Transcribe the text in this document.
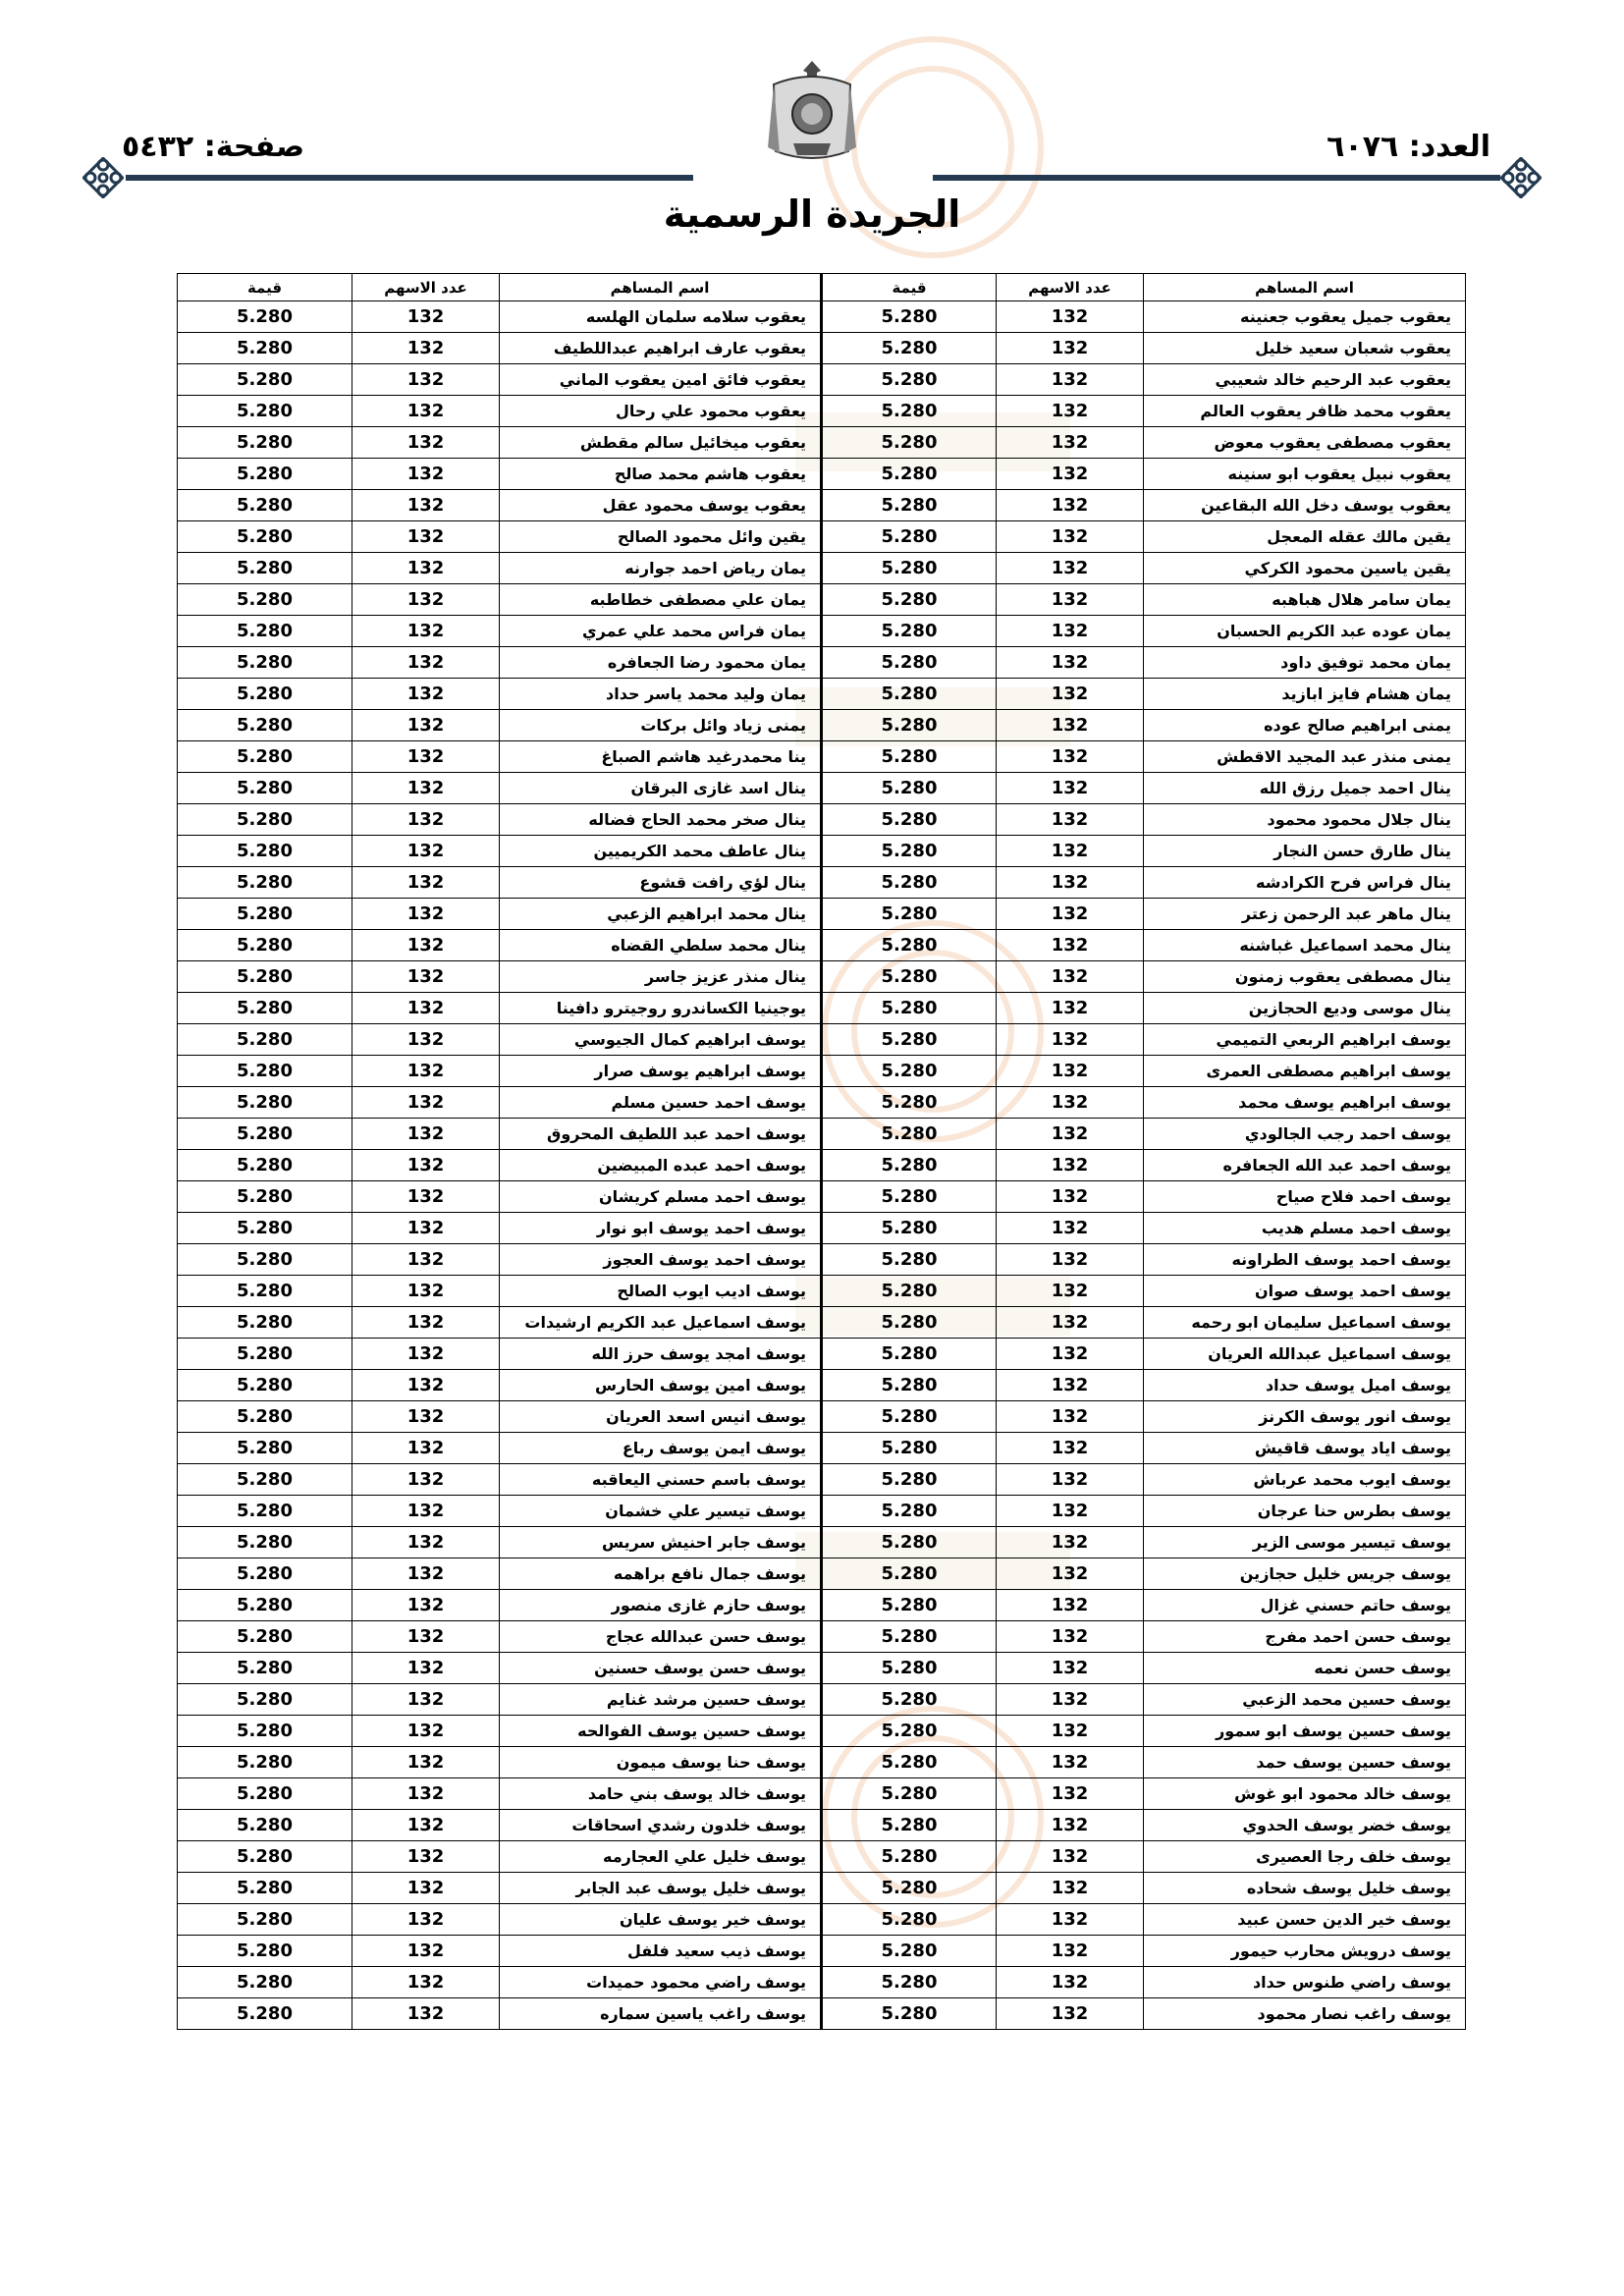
العدد: ٦٠٧٦
صفحة: ٥٤٣٢
الجريدة الرسمية
اسم المساهم	عدد الاسهم	قيمة	اسم المساهم	عدد الاسهم	قيمة
يعقوب جميل يعقوب جعنينه	132	5.280	يعقوب سلامه سلمان الهلسه	132	5.280
يعقوب شعبان سعيد خليل	132	5.280	يعقوب عارف ابراهيم عبداللطيف	132	5.280
يعقوب عبد الرحيم خالد شعيبي	132	5.280	يعقوب فائق امين يعقوب الماني	132	5.280
يعقوب محمد ظافر يعقوب العالم	132	5.280	يعقوب محمود علي رحال	132	5.280
يعقوب مصطفى يعقوب معوض	132	5.280	يعقوب ميخائيل سالم مقطش	132	5.280
يعقوب نبيل يعقوب ابو سنينه	132	5.280	يعقوب هاشم محمد صالح	132	5.280
يعقوب يوسف دخل الله البقاعين	132	5.280	يعقوب يوسف محمود عقل	132	5.280
يقين مالك عقله المعجل	132	5.280	يقين وائل محمود الصالح	132	5.280
يقين ياسين محمود الكركي	132	5.280	يمان رياض احمد جوارنه	132	5.280
يمان سامر هلال هباهبه	132	5.280	يمان علي مصطفى خطاطبه	132	5.280
يمان عوده عبد الكريم الحسبان	132	5.280	يمان فراس محمد علي عمري	132	5.280
يمان محمد توفيق داود	132	5.280	يمان محمود رضا الجعافره	132	5.280
يمان هشام فايز ابازيد	132	5.280	يمان وليد محمد ياسر حداد	132	5.280
يمنى ابراهيم صالح عوده	132	5.280	يمنى زياد وائل بركات	132	5.280
يمنى منذر عبد المجيد الاقطش	132	5.280	ينا محمدرغيد هاشم الصباغ	132	5.280
ينال احمد جميل رزق الله	132	5.280	ينال اسد غازى البرقان	132	5.280
ينال جلال محمود محمود	132	5.280	ينال صخر محمد الحاج فضاله	132	5.280
ينال طارق حسن النجار	132	5.280	ينال عاطف محمد الكريميين	132	5.280
ينال فراس فرح الكرادشه	132	5.280	ينال لؤي رافت قشوع	132	5.280
ينال ماهر عبد الرحمن زعتر	132	5.280	ينال محمد ابراهيم الزعبي	132	5.280
ينال محمد اسماعيل غباشنه	132	5.280	ينال محمد سلطي القضاه	132	5.280
ينال مصطفى يعقوب زمنون	132	5.280	ينال منذر عزيز جاسر	132	5.280
ينال موسى وديع الحجازين	132	5.280	يوجينيا الكساندرو روجيترو دافينا	132	5.280
يوسف ابراهيم الربعي التميمي	132	5.280	يوسف ابراهيم كمال الجيوسي	132	5.280
يوسف ابراهيم مصطفى العمرى	132	5.280	يوسف ابراهيم يوسف صرار	132	5.280
يوسف ابراهيم يوسف محمد	132	5.280	يوسف احمد حسين مسلم	132	5.280
يوسف احمد رجب الجالودي	132	5.280	يوسف احمد عبد اللطيف المحروق	132	5.280
يوسف احمد عبد الله الجعافره	132	5.280	يوسف احمد عبده المبيضين	132	5.280
يوسف احمد فلاح صياح	132	5.280	يوسف احمد مسلم كريشان	132	5.280
يوسف احمد مسلم هديب	132	5.280	يوسف احمد يوسف ابو نوار	132	5.280
يوسف احمد يوسف الطراونه	132	5.280	يوسف احمد يوسف العجوز	132	5.280
يوسف احمد يوسف صوان	132	5.280	يوسف اديب ايوب الصالح	132	5.280
يوسف اسماعيل سليمان ابو رحمه	132	5.280	يوسف اسماعيل عبد الكريم ارشيدات	132	5.280
يوسف اسماعيل عبدالله العريان	132	5.280	يوسف امجد يوسف حرز الله	132	5.280
يوسف اميل يوسف حداد	132	5.280	يوسف امين يوسف الحارس	132	5.280
يوسف انور يوسف الكرنز	132	5.280	يوسف انيس اسعد العريان	132	5.280
يوسف اياد يوسف قاقيش	132	5.280	يوسف ايمن يوسف رباع	132	5.280
يوسف ايوب محمد عرباش	132	5.280	يوسف باسم حسني اليعاقبه	132	5.280
يوسف بطرس حنا عرجان	132	5.280	يوسف تيسير علي خشمان	132	5.280
يوسف تيسير موسى الزير	132	5.280	يوسف جابر احنيش سريس	132	5.280
يوسف جريس خليل حجازين	132	5.280	يوسف جمال نافع براهمه	132	5.280
يوسف حاتم حسني غزال	132	5.280	يوسف حازم غازى منصور	132	5.280
يوسف حسن احمد مفرج	132	5.280	يوسف حسن عبدالله عجاج	132	5.280
يوسف حسن نعمه	132	5.280	يوسف حسن يوسف حسنين	132	5.280
يوسف حسين محمد الزعبي	132	5.280	يوسف حسين مرشد غنايم	132	5.280
يوسف حسين يوسف ابو سمور	132	5.280	يوسف حسين يوسف الفوالحه	132	5.280
يوسف حسين يوسف حمد	132	5.280	يوسف حنا يوسف ميمون	132	5.280
يوسف خالد محمود ابو غوش	132	5.280	يوسف خالد يوسف بني حامد	132	5.280
يوسف خضر يوسف الحدوي	132	5.280	يوسف خلدون رشدي اسحاقات	132	5.280
يوسف خلف رجا العصيرى	132	5.280	يوسف خليل علي العجارمه	132	5.280
يوسف خليل يوسف شحاده	132	5.280	يوسف خليل يوسف عبد الجابر	132	5.280
يوسف خير الدين حسن عبيد	132	5.280	يوسف خير يوسف عليان	132	5.280
يوسف درويش محارب حيمور	132	5.280	يوسف ذيب سعيد فلفل	132	5.280
يوسف راضي طنوس حداد	132	5.280	يوسف راضي محمود حميدات	132	5.280
يوسف راغب نصار محمود	132	5.280	يوسف راغب ياسين سماره	132	5.280
